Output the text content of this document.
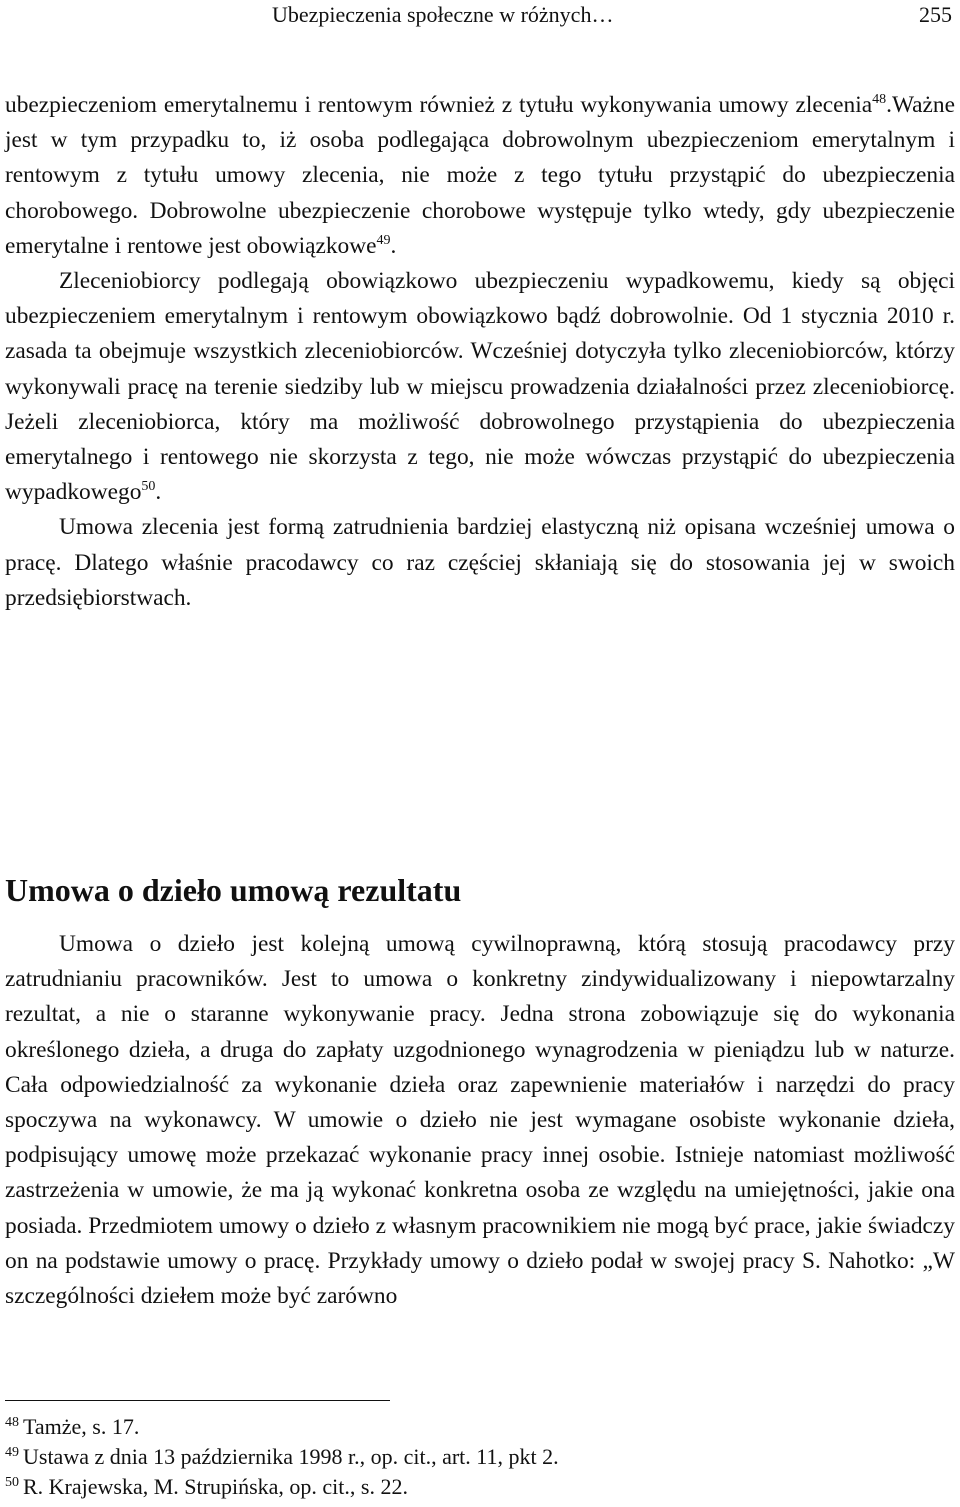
Ubezpieczenia społeczne w różnych…	255

ubezpieczeniom emerytalnemu i rentowym również z tytułu wykonywania umowy zlecenia$^{48}$.Ważne jest w tym przypadku to, iż osoba podlegająca dobrowolnym ubezpieczeniom emerytalnym i rentowym z tytułu umowy zlecenia, nie może z tego tytułu przystąpić do ubezpieczenia chorobowego. Dobrowolne ubezpieczenie chorobowe występuje tylko wtedy, gdy ubezpieczenie emerytalne i rentowe jest obowiązkowe$^{49}$.

Zleceniobiorcy podlegają obowiązkowo ubezpieczeniu wypadkowemu, kiedy są objęci ubezpieczeniem emerytalnym i rentowym obowiązkowo bądź dobrowolnie. Od 1 stycznia 2010 r. zasada ta obejmuje wszystkich zleceniobiorców. Wcześniej dotyczyła tylko zleceniobiorców, którzy wykonywali pracę na terenie siedziby lub w miejscu prowadzenia działalności przez zleceniobiorcę. Jeżeli zleceniobiorca, który ma możliwość dobrowolnego przystąpienia do ubezpieczenia emerytalnego i rentowego nie skorzysta z tego, nie może wówczas przystąpić do ubezpieczenia wypadkowego$^{50}$.

Umowa zlecenia jest formą zatrudnienia bardziej elastyczną niż opisana wcześniej umowa o pracę. Dlatego właśnie pracodawcy co raz częściej skłaniają się do stosowania jej w swoich przedsiębiorstwach.

Umowa o dzieło umową rezultatu

Umowa o dzieło jest kolejną umową cywilnoprawną, którą stosują pracodawcy przy zatrudnianiu pracowników. Jest to umowa o konkretny zindywidualizowany i niepowtarzalny rezultat, a nie o staranne wykonywanie pracy. Jedna strona zobowiązuje się do wykonania określonego dzieła, a druga do zapłaty uzgodnionego wynagrodzenia w pieniądzu lub w naturze. Cała odpowiedzialność za wykonanie dzieła oraz zapewnienie materiałów i narzędzi do pracy spoczywa na wykonawcy. W umowie o dzieło nie jest wymagane osobiste wykonanie dzieła, podpisujący umowę może przekazać wykonanie pracy innej osobie. Istnieje natomiast możliwość zastrzeżenia w umowie, że ma ją wykonać konkretna osoba ze względu na umiejętności, jakie ona posiada. Przedmiotem umowy o dzieło z własnym pracownikiem nie mogą być prace, jakie świadczy on na podstawie umowy o pracę. Przykłady umowy o dzieło podał w swojej pracy S. Nahotko: „W szczególności dziełem może być zarówno

$^{48}$ Tamże, s. 17.
$^{49}$ Ustawa z dnia 13 października 1998 r., op. cit., art. 11, pkt 2.
$^{50}$ R. Krajewska, M. Strupińska, op. cit., s. 22.
